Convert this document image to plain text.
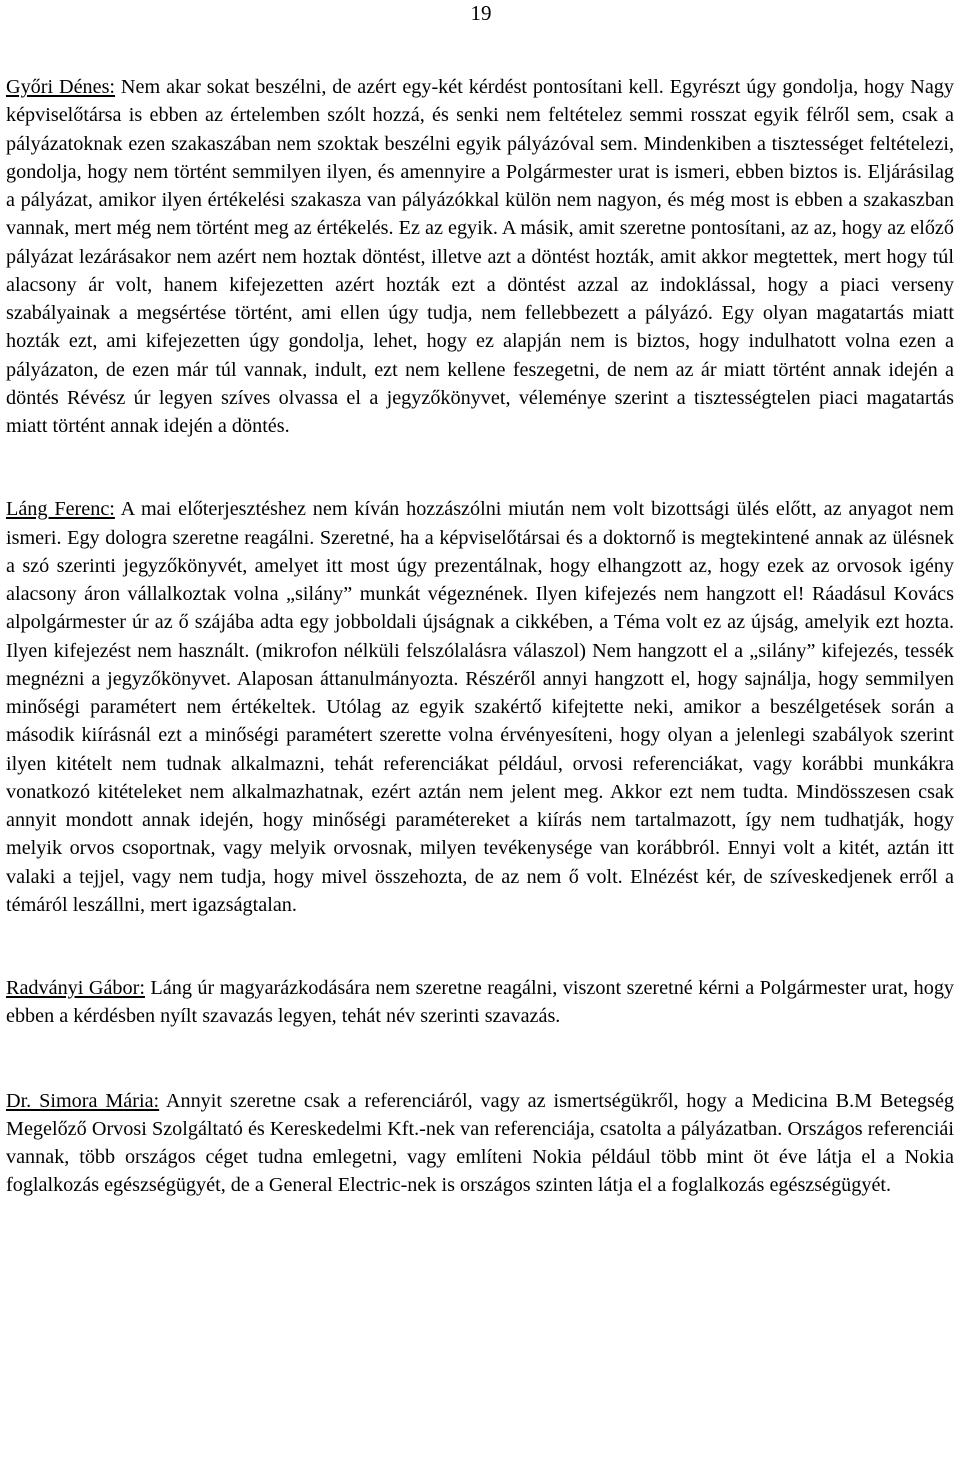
19

Győri Dénes: Nem akar sokat beszélni, de azért egy-két kérdést pontosítani kell. Egyrészt úgy gondolja, hogy Nagy képviselőtársa is ebben az értelemben szólt hozzá, és senki nem feltételez semmi rosszat egyik félről sem, csak a pályázatoknak ezen szakaszában nem szoktak beszélni egyik pályázóval sem. Mindenkiben a tisztességet feltételezi, gondolja, hogy nem történt semmilyen ilyen, és amennyire a Polgármester urat is ismeri, ebben biztos is. Eljárásilag a pályázat, amikor ilyen értékelési szakasza van pályázókkal külön nem nagyon, és még most is ebben a szakaszban vannak, mert még nem történt meg az értékelés. Ez az egyik. A másik, amit szeretne pontosítani, az az, hogy az előző pályázat lezárásakor nem azért nem hoztak döntést, illetve azt a döntést hozták, amit akkor megtettek, mert hogy túl alacsony ár volt, hanem kifejezetten azért hozták ezt a döntést azzal az indoklással, hogy a piaci verseny szabályainak a megsértése történt, ami ellen úgy tudja, nem fellebbezett a pályázó. Egy olyan magatartás miatt hozták ezt, ami kifejezetten úgy gondolja, lehet, hogy ez alapján nem is biztos, hogy indulhatott volna ezen a pályázaton, de ezen már túl vannak, indult, ezt nem kellene feszegetni, de nem az ár miatt történt annak idején a döntés Révész úr legyen szíves olvassa el a jegyzőkönyvet, véleménye szerint a tisztességtelen piaci magatartás miatt történt annak idején a döntés.

Láng Ferenc: A mai előterjesztéshez nem kíván hozzászólni miután nem volt bizottsági ülés előtt, az anyagot nem ismeri. Egy dologra szeretne reagálni. Szeretné, ha a képviselőtársai és a doktornő is megtekintené annak az ülésnek a szó szerinti jegyzőkönyvét, amelyet itt most úgy prezentálnak, hogy elhangzott az, hogy ezek az orvosok igény alacsony áron vállalkoztak volna „silány” munkát végeznének. Ilyen kifejezés nem hangzott el! Ráadásul Kovács alpolgármester úr az ő szájába adta egy jobboldali újságnak a cikkében, a Téma volt ez az újság, amelyik ezt hozta. Ilyen kifejezést nem használt. (mikrofon nélküli felszólalásra válaszol) Nem hangzott el a „silány” kifejezés, tessék megnézni a jegyzőkönyvet. Alaposan áttanulmányozta. Részéről annyi hangzott el, hogy sajnálja, hogy semmilyen minőségi paramétert nem értékeltek. Utólag az egyik szakértő kifejtette neki, amikor a beszélgetések során a második kiírásnál ezt a minőségi paramétert szerette volna érvényesíteni, hogy olyan a jelenlegi szabályok szerint ilyen kitételt nem tudnak alkalmazni, tehát referenciákat például, orvosi referenciákat, vagy korábbi munkákra vonatkozó kitételeket nem alkalmazhatnak, ezért aztán nem jelent meg. Akkor ezt nem tudta. Mindösszesen csak annyit mondott annak idején, hogy minőségi paramétereket a kiírás nem tartalmazott, így nem tudhatják, hogy melyik orvos csoportnak, vagy melyik orvosnak, milyen tevékenysége van korábbról. Ennyi volt a kitét, aztán itt valaki a tejjel, vagy nem tudja, hogy mivel összehozta, de az nem ő volt. Elnézést kér, de szíveskedjenek erről a témáról leszállni, mert igazságtalan.

Radványi Gábor: Láng úr magyarázkodására nem szeretne reagálni, viszont szeretné kérni a Polgármester urat, hogy ebben a kérdésben nyílt szavazás legyen, tehát név szerinti szavazás.

Dr. Simora Mária: Annyit szeretne csak a referenciáról, vagy az ismertségükről, hogy a Medicina B.M Betegség Megelőző Orvosi Szolgáltató és Kereskedelmi Kft.-nek van referenciája, csatolta a pályázatban. Országos referenciái vannak, több országos céget tudna emlegetni, vagy említeni Nokia például több mint öt éve látja el a Nokia foglalkozás egészségügyét, de a General Electric-nek is országos szinten látja el a foglalkozás egészségügyét.
